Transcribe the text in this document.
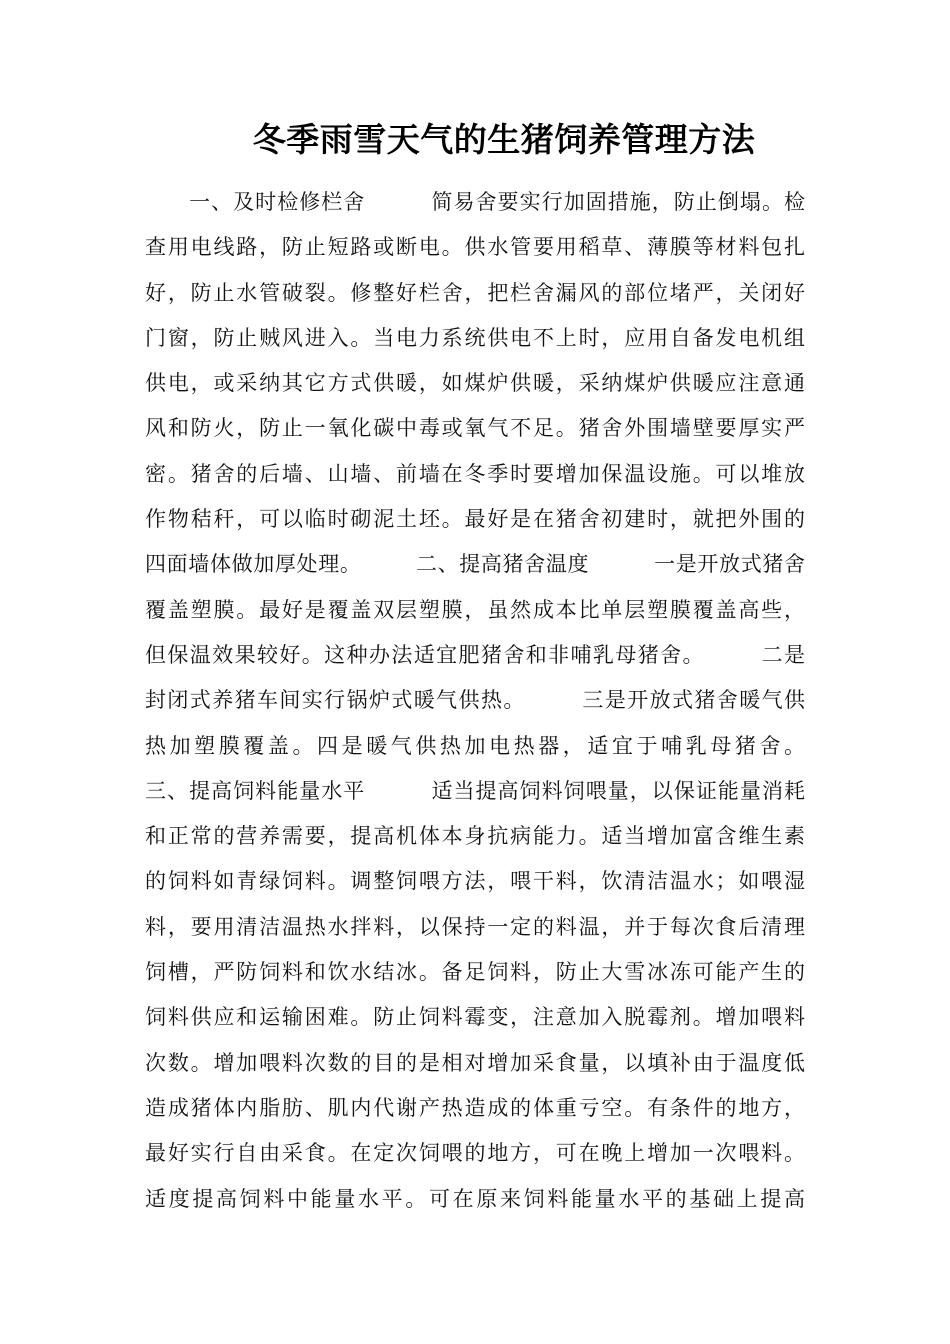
冬季雨雪天气的生猪饲养管理方法
　　一、及时检修栏舍　　　简易舍要实行加固措施，防止倒塌。检
查用电线路，防止短路或断电。供水管要用稻草、薄膜等材料包扎
好，防止水管破裂。修整好栏舍，把栏舍漏风的部位堵严，关闭好
门窗，防止贼风进入。当电力系统供电不上时，应用自备发电机组
供电，或采纳其它方式供暖，如煤炉供暖，采纳煤炉供暖应注意通
风和防火，防止一氧化碳中毒或氧气不足。猪舍外围墙壁要厚实严
密。猪舍的后墙、山墙、前墙在冬季时要增加保温设施。可以堆放
作物秸秆，可以临时砌泥土坯。最好是在猪舍初建时，就把外围的
四面墙体做加厚处理。　　　二、提高猪舍温度　　　一是开放式猪舍
覆盖塑膜。最好是覆盖双层塑膜，虽然成本比单层塑膜覆盖高些，
但保温效果较好。这种办法适宜肥猪舍和非哺乳母猪舍。　　　二是
封闭式养猪车间实行锅炉式暖气供热。　　　三是开放式猪舍暖气供
热加塑膜覆盖。四是暖气供热加电热器，适宜于哺乳母猪舍。
三、提高饲料能量水平　　　适当提高饲料饲喂量，以保证能量消耗
和正常的营养需要，提高机体本身抗病能力。适当增加富含维生素
的饲料如青绿饲料。调整饲喂方法，喂干料，饮清洁温水；如喂湿
料，要用清洁温热水拌料，以保持一定的料温，并于每次食后清理
饲槽，严防饲料和饮水结冰。备足饲料，防止大雪冰冻可能产生的
饲料供应和运输困难。防止饲料霉变，注意加入脱霉剂。增加喂料
次数。增加喂料次数的目的是相对增加采食量，以填补由于温度低
造成猪体内脂肪、肌内代谢产热造成的体重亏空。有条件的地方，
最好实行自由采食。在定次饲喂的地方，可在晚上增加一次喂料。
适度提高饲料中能量水平。可在原来饲料能量水平的基础上提高
